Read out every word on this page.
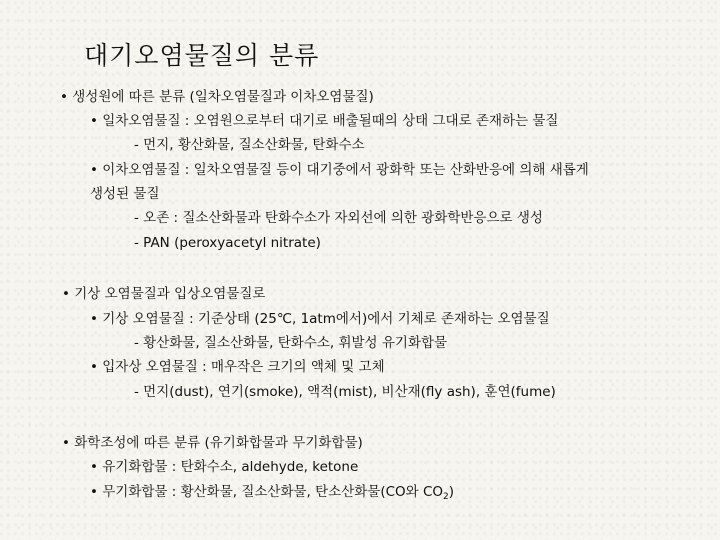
대기오염물질의 분류
• 생성원에 따른 분류 (일차오염물질과 이차오염물질)
• 일차오염물질 : 오염원으로부터 대기로 배출될때의 상태 그대로 존재하는 물질
- 먼지, 황산화물, 질소산화물, 탄화수소
• 이차오염물질 : 일차오염물질 등이 대기중에서 광화학 또는 산화반응에 의해 새롭게
생성된 물질
- 오존 : 질소산화물과 탄화수소가 자외선에 의한 광화학반응으로 생성
- PAN (peroxyacetyl nitrate)
• 기상 오염물질과 입상오염물질로
• 기상 오염물질 : 기준상태 (25℃, 1atm에서)에서 기체로 존재하는 오염물질
- 황산화물, 질소산화물, 탄화수소, 휘발성 유기화합물
• 입자상 오염물질 : 매우작은 크기의 액체 및 고체
- 먼지(dust), 연기(smoke), 액적(mist), 비산재(fly ash), 훈연(fume)
• 화학조성에 따른 분류 (유기화합물과 무기화합물)
• 유기화합물 : 탄화수소, aldehyde, ketone
• 무기화합물 : 황산화물, 질소산화물, 탄소산화물(CO와 $CO_2$)
